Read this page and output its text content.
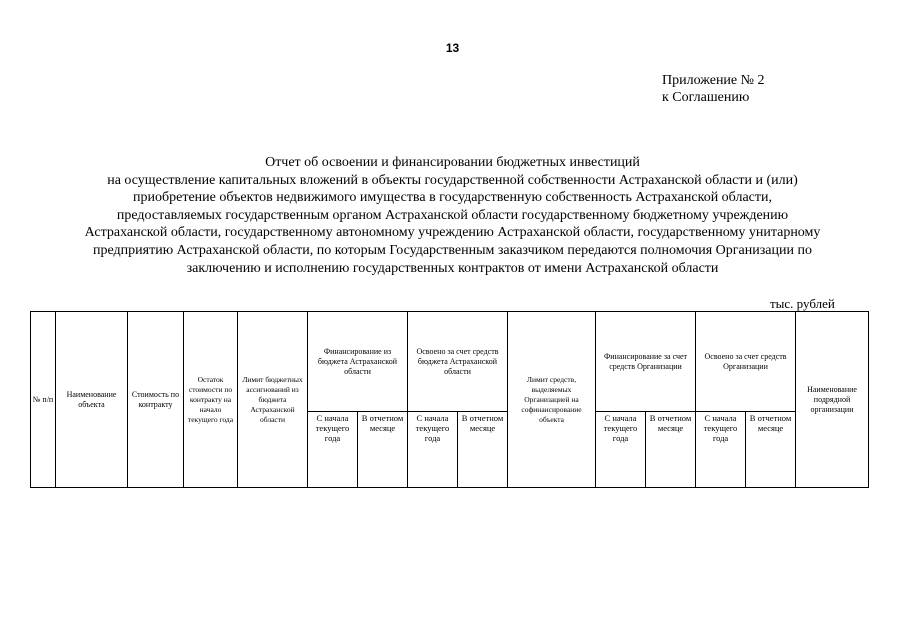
13
Приложение № 2
к Соглашению
Отчет об освоении и финансировании бюджетных инвестиций
на осуществление капитальных вложений в объекты государственной собственности Астраханской области и (или)
приобретение объектов недвижимого имущества в государственную собственность Астраханской области,
предоставляемых государственным органом Астраханской области государственному бюджетному учреждению
Астраханской области, государственному автономному учреждению Астраханской области, государственному унитарному
предприятию Астраханской области, по которым Государственным заказчиком передаются полномочия Организации по
заключению и исполнению государственных контрактов от имени Астраханской области
тыс. рублей
№ п/п	Наименование объекта	Стоимость по контракту	Остаток стоимости по контракту на начало текущего года	Лимит бюджетных ассигнований из бюджета Астраханской области	Финансирование из бюджета Астраханской области		Освоено за счет средств бюджета Астраханской области		Лимит средств, выделяемых Организацией на софинансирование объекта	Финансирование за счет средств Организации		Освоено за счет средств Организации		Наименование подрядной организации
					С начала текущего года	В отчетном месяце	С начала текущего года	В отчетном месяце		С начала текущего года	В отчетном месяце	С начала текущего года	В отчетном месяце	
